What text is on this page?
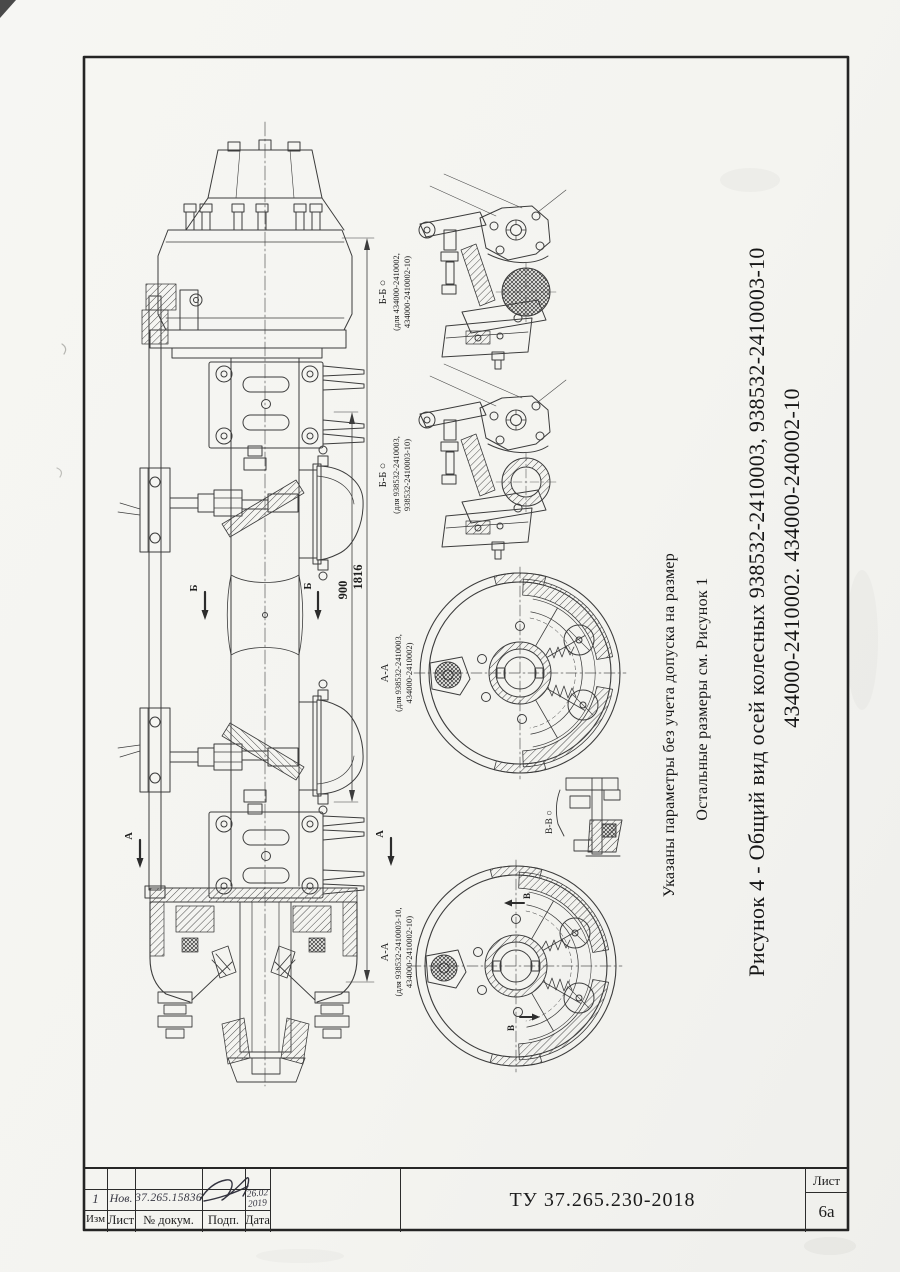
900
1816
Б	Б
А	А
В
В
Б-Б ○ (для 434000-2410002, 434000-2410002-10)
Б-Б ○ (для 938532-2410003, 938532-2410003-10)
А-А (для 938532-2410003, 434000-2410002)
А-А (для 938532-2410003-10, 434000-2410002-10)
В-В ○	Указаны параметры без учета допуска на размер Остальные размеры см. Рисунок 1 Рисунок 4 - Общий вид осей колесных 938532-2410003, 938532-2410003-10 434000-2410002. 434000-240002-10
1 Нов. 37.265.15836	26.02
2019
Изм Лист № докум.	Подп. Дата
ТУ 37.265.230-2018
Лист
6а
